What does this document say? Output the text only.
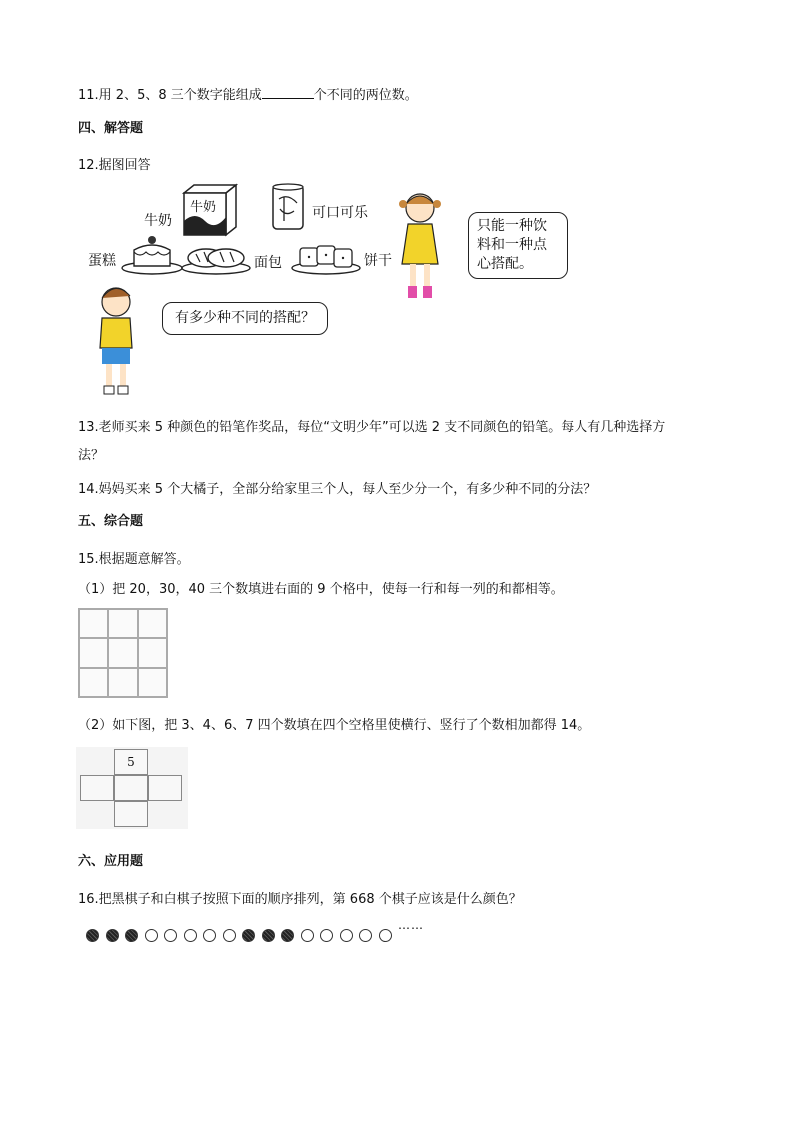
11.用 2、5、8 三个数字能组成	个不同的两位数。
四、解答题
12.据图回答
牛奶
牛奶	可口可乐
蛋糕	面包	饼干
只能一种饮
料和一种点
心搭配。
有多少种不同的搭配？
13.老师买来 5 种颜色的铅笔作奖品，每位“文明少年”可以选 2 支不同颜色的铅笔。每人有几种选择方
法？
14.妈妈买来 5 个大橘子，全部分给家里三个人，每人至少分一个，有多少种不同的分法？
五、综合题
15.根据题意解答。
（1）把 20，30，40 三个数填进右面的 9 个格中，使每一行和每一列的和都相等。
（2）如下图，把 3、4、6、7 四个数填在四个空格里使横行、竖行了个数相加都得 14。
5
六、应用题
16.把黑棋子和白棋子按照下面的顺序排列，第 668 个棋子应该是什么颜色？
……
